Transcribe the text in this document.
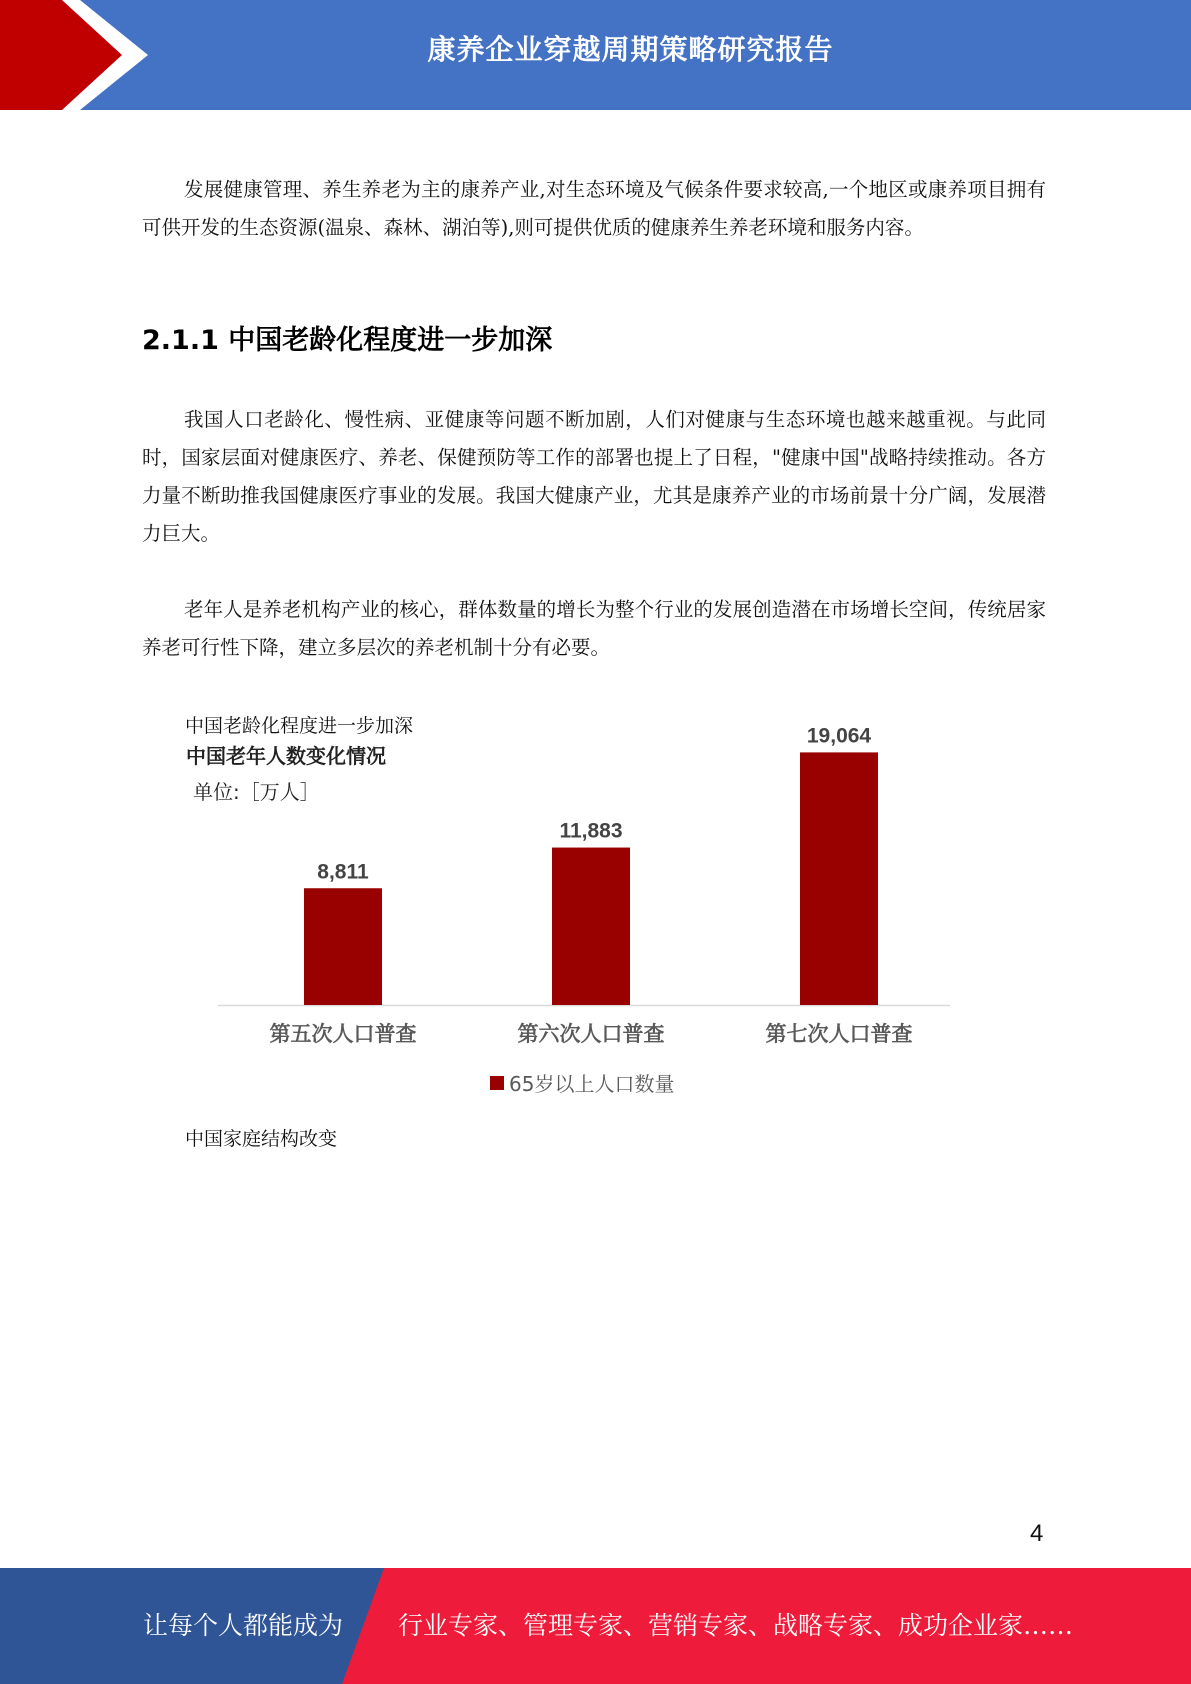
康养企业穿越周期策略研究报告

发展健康管理、养生养老为主的康养产业,对生态环境及气候条件要求较高,一个地区或康养项目拥有可供开发的生态资源(温泉、森林、湖泊等),则可提供优质的健康养生养老环境和服务内容。

2.1.1 中国老龄化程度进一步加深

我国人口老龄化、慢性病、亚健康等问题不断加剧，人们对健康与生态环境也越来越重视。与此同时，国家层面对健康医疗、养老、保健预防等工作的部署也提上了日程，"健康中国"战略持续推动。各方力量不断助推我国健康医疗事业的发展。我国大健康产业，尤其是康养产业的市场前景十分广阔，发展潜力巨大。

老年人是养老机构产业的核心，群体数量的增长为整个行业的发展创造潜在市场增长空间，传统居家养老可行性下降，建立多层次的养老机制十分有必要。

中国老龄化程度进一步加深
8,811
第五次人口普查
11,883
第六次人口普查
19,064
第七次人口普查
中国老年人数变化情况
单位:［万人］
65岁以上人口数量
中国家庭结构改变
4
让每个人都能成为 行业专家、管理专家、营销专家、战略专家、成功企业家……
